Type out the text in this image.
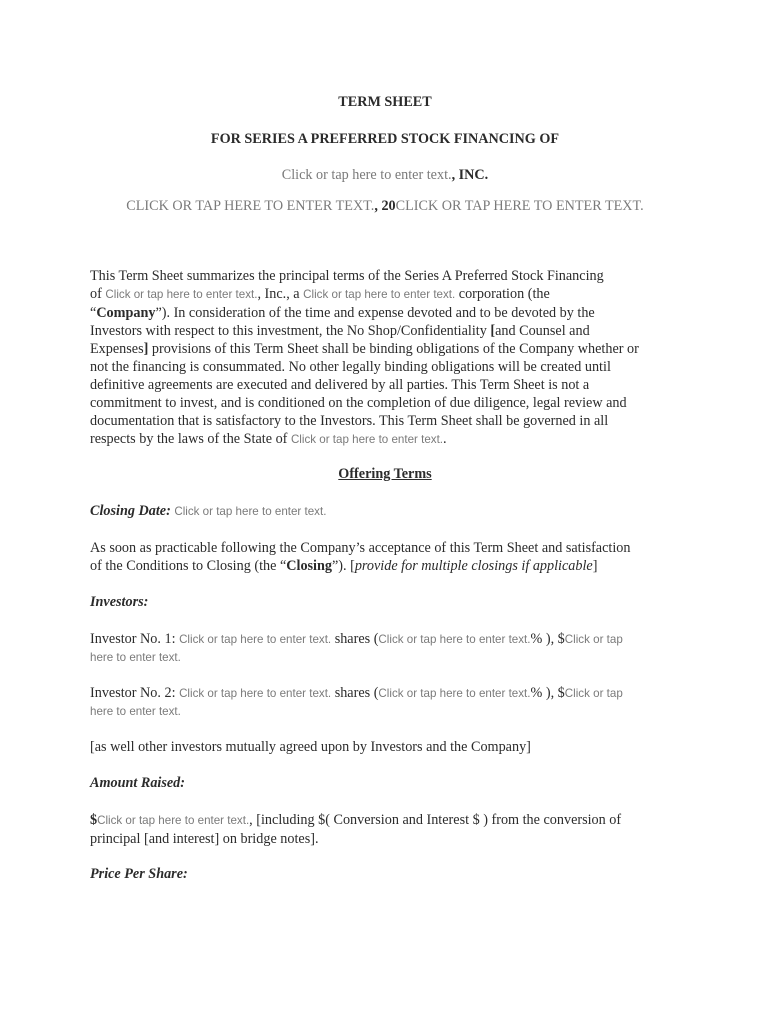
TERM SHEET
FOR SERIES A PREFERRED STOCK FINANCING OF
Click or tap here to enter text., INC.
CLICK OR TAP HERE TO ENTER TEXT., 20CLICK OR TAP HERE TO ENTER TEXT.
This Term Sheet summarizes the principal terms of the Series A Preferred Stock Financing
of Click or tap here to enter text., Inc., a Click or tap here to enter text. corporation (the
“Company”). In consideration of the time and expense devoted and to be devoted by the
Investors with respect to this investment, the No Shop/Confidentiality [and Counsel and
Expenses] provisions of this Term Sheet shall be binding obligations of the Company whether or
not the financing is consummated. No other legally binding obligations will be created until
definitive agreements are executed and delivered by all parties. This Term Sheet is not a
commitment to invest, and is conditioned on the completion of due diligence, legal review and
documentation that is satisfactory to the Investors. This Term Sheet shall be governed in all
respects by the laws of the State of Click or tap here to enter text..
Offering Terms
Closing Date: Click or tap here to enter text.
As soon as practicable following the Company’s acceptance of this Term Sheet and satisfaction
of the Conditions to Closing (the “Closing”). [provide for multiple closings if applicable]
Investors:
Investor No. 1: Click or tap here to enter text. shares (Click or tap here to enter text.% ), $Click or tap
here to enter text.
Investor No. 2: Click or tap here to enter text. shares (Click or tap here to enter text.% ), $Click or tap
here to enter text.
[as well other investors mutually agreed upon by Investors and the Company]
Amount Raised:
$Click or tap here to enter text., [including $( Conversion and Interest $ ) from the conversion of
principal [and interest] on bridge notes].
Price Per Share:
